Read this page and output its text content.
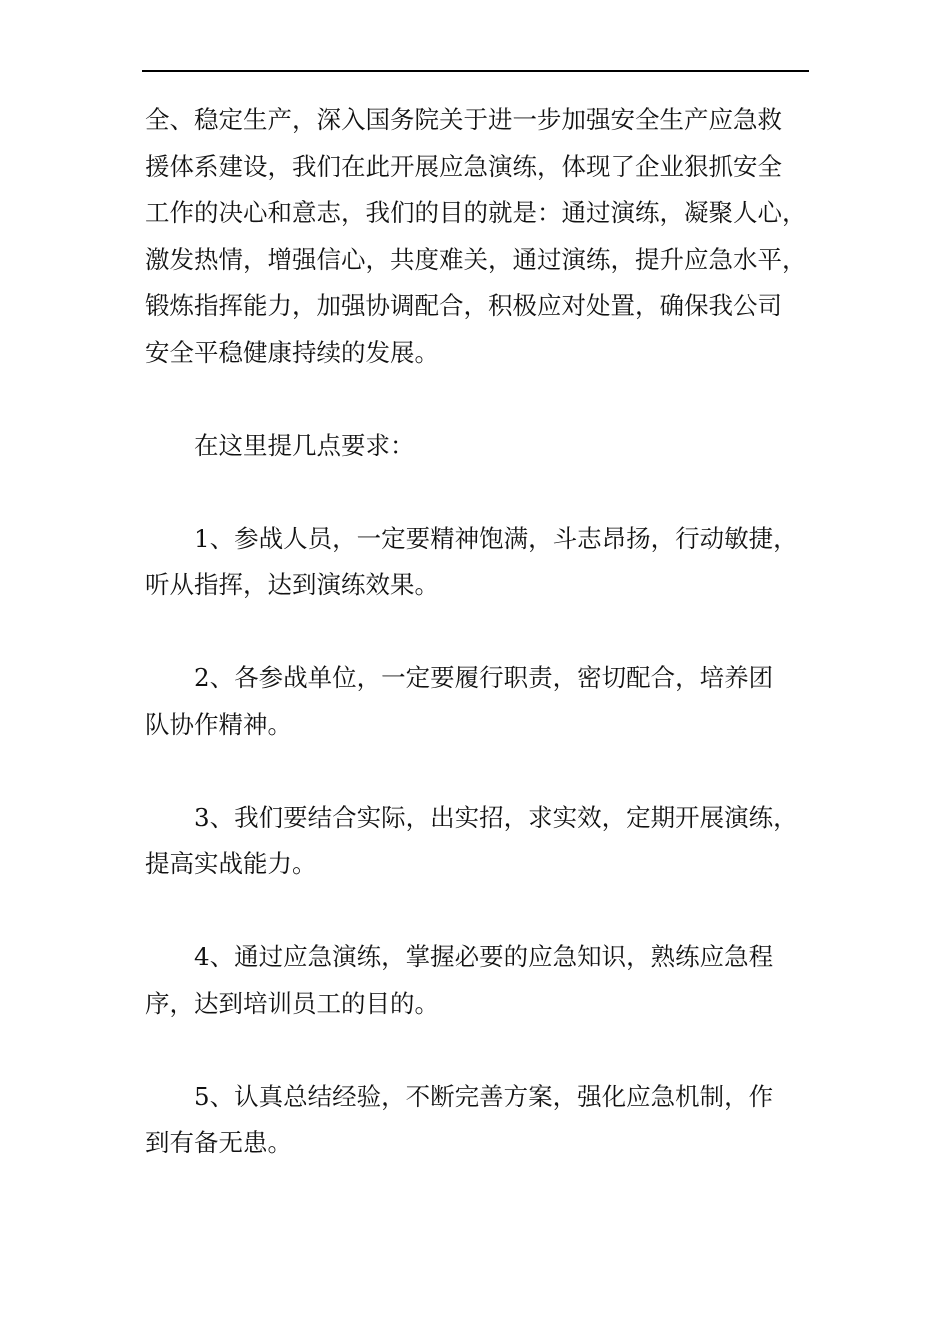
全、稳定生产，深入国务院关于进一步加强安全生产应急救
援体系建设，我们在此开展应急演练，体现了企业狠抓安全
工作的决心和意志，我们的目的就是：通过演练，凝聚人心，
激发热情，增强信心，共度难关，通过演练，提升应急水平，
锻炼指挥能力，加强协调配合，积极应对处置，确保我公司
安全平稳健康持续的发展。

在这里提几点要求：

1、参战人员，一定要精神饱满，斗志昂扬，行动敏捷，
听从指挥，达到演练效果。

2、各参战单位，一定要履行职责，密切配合，培养团
队协作精神。

3、我们要结合实际，出实招，求实效，定期开展演练，
提高实战能力。

4、通过应急演练，掌握必要的应急知识，熟练应急程
序，达到培训员工的目的。

5、认真总结经验，不断完善方案，强化应急机制，作
到有备无患。
